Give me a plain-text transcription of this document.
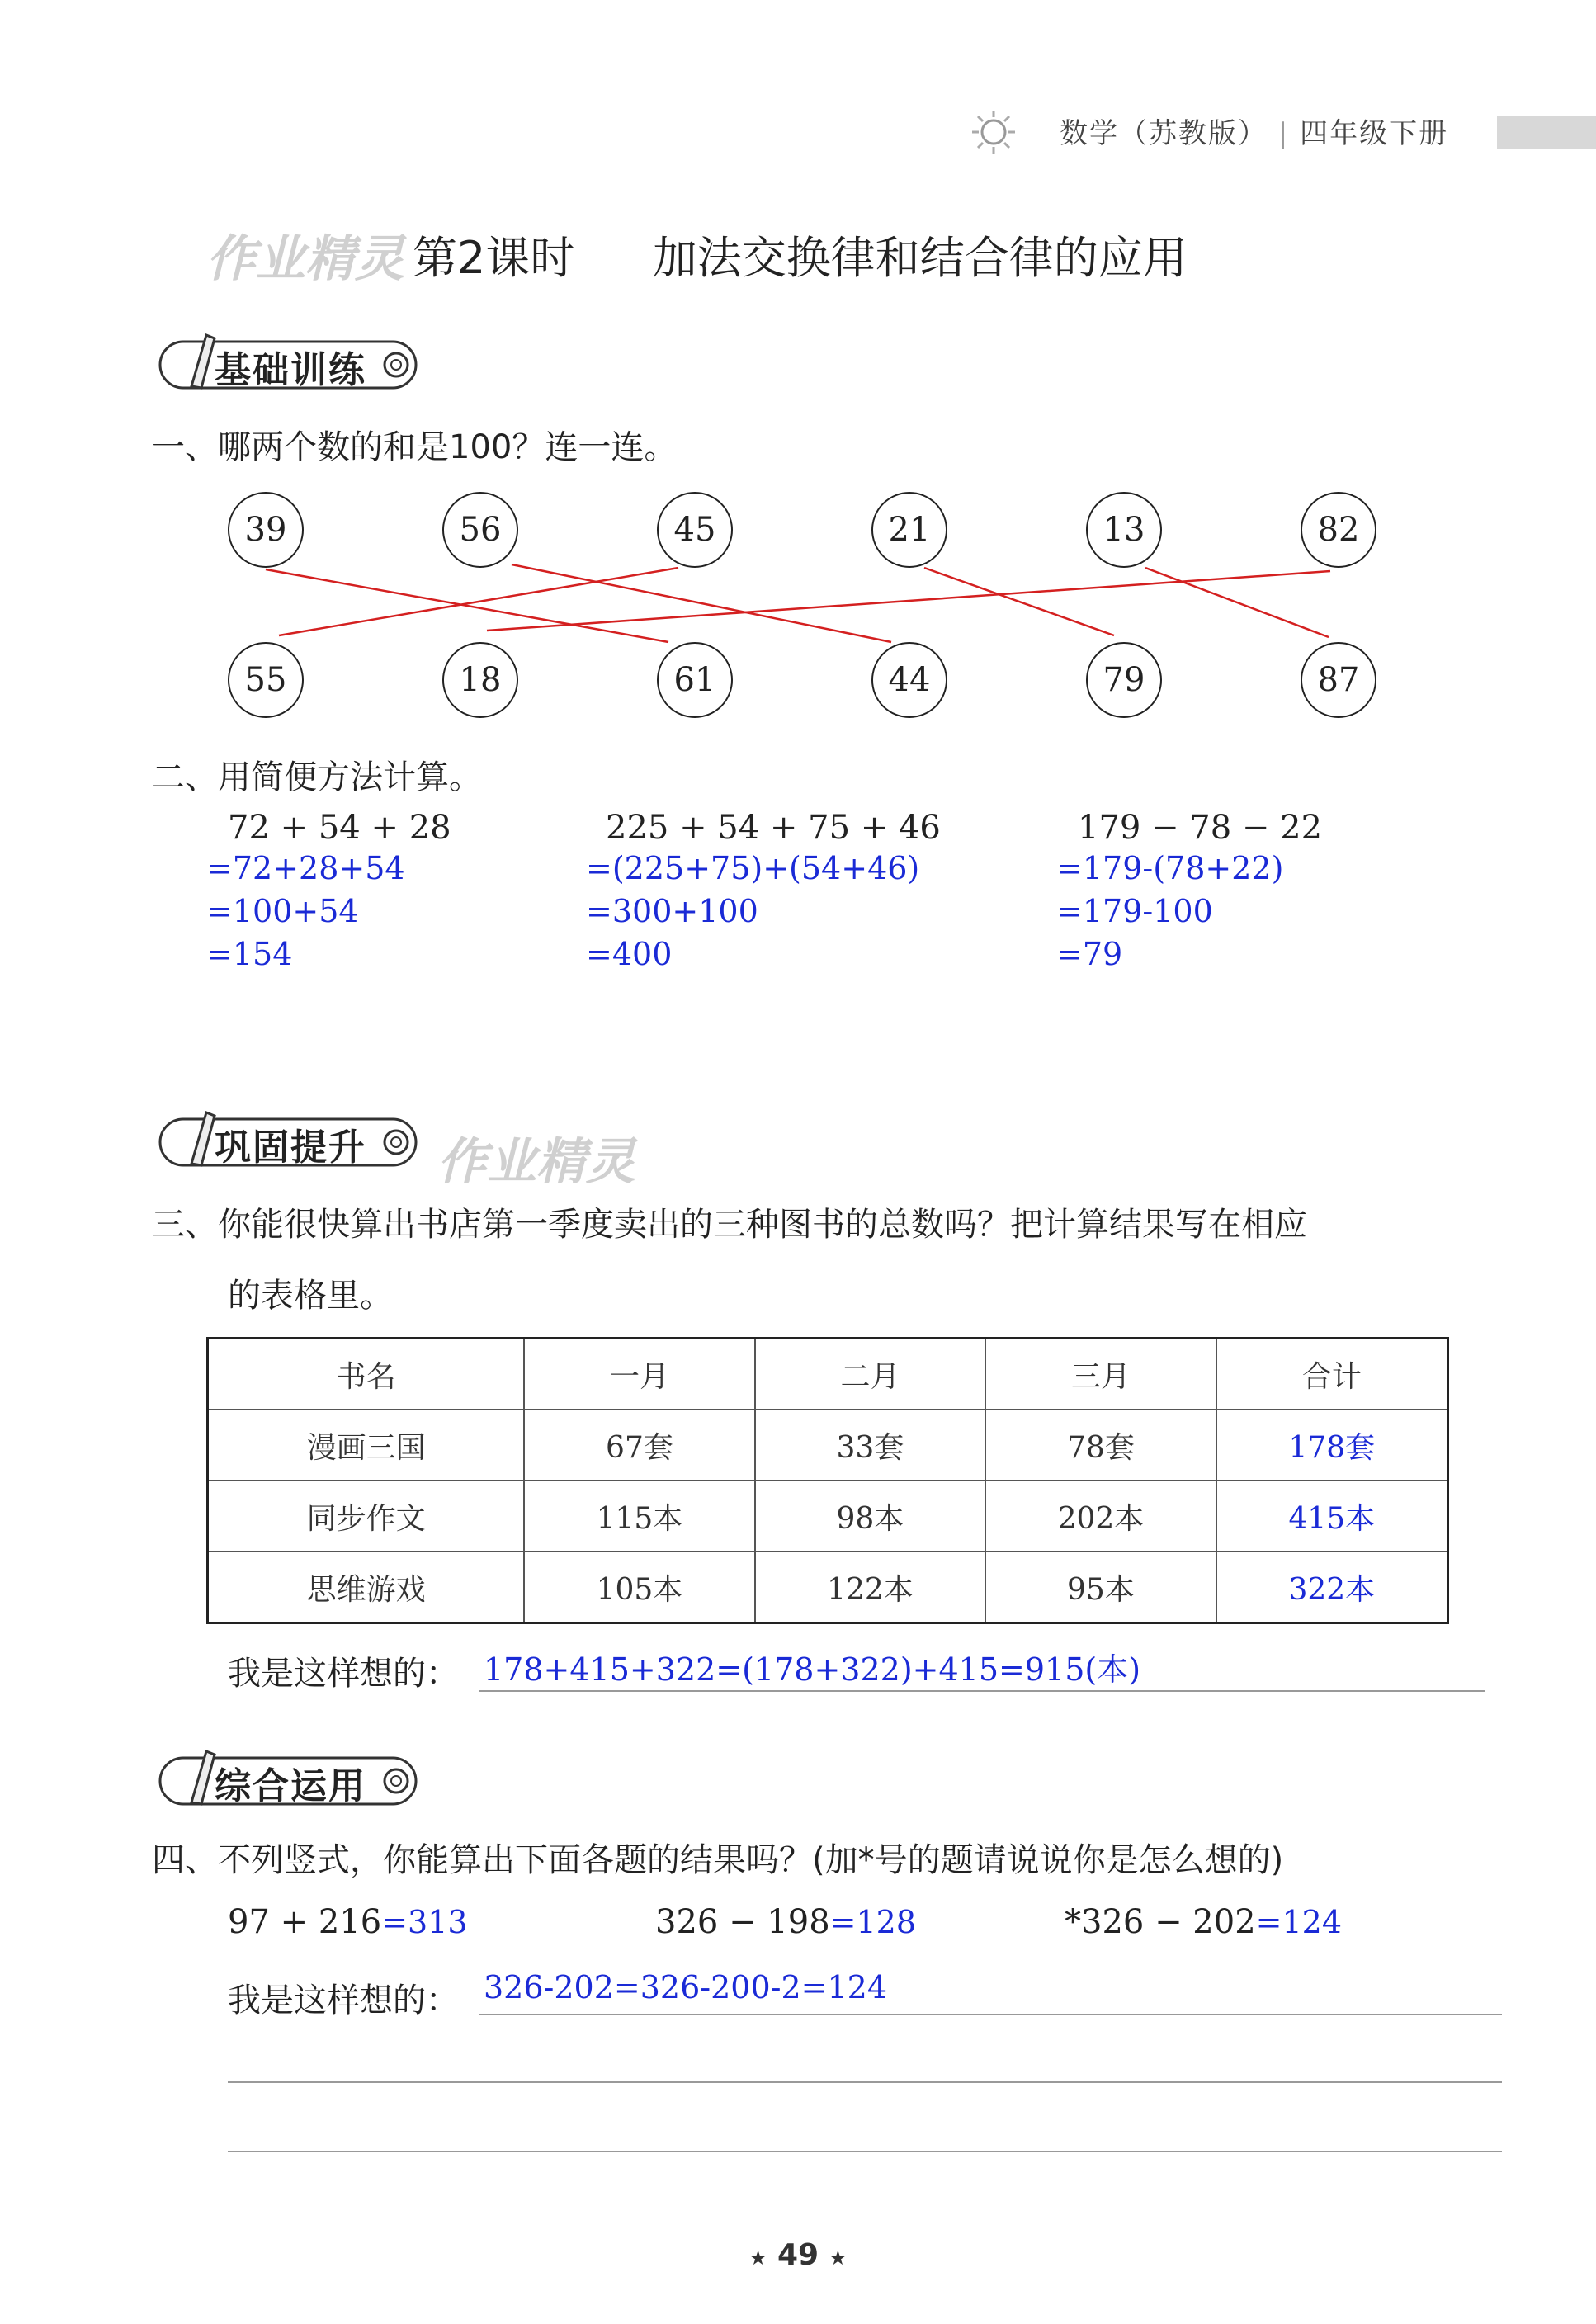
数学（苏教版） | 四年级下册
作业精灵 第2课时 加法交换律和结合律的应用
基础训练
一、哪两个数的和是100？连一连。
39	56	45	21	13	82
55	18	61	44	79	87
二、用简便方法计算。
72 + 54 + 28
=72+28+54
=100+54
=154
225 + 54 + 75 + 46
=(225+75)+(54+46)
=300+100
=400
179 − 78 − 22
=179-(78+22)
=179-100
=79
巩固提升 作业精灵
三、你能很快算出书店第一季度卖出的三种图书的总数吗？把计算结果写在相应
的表格里。
书名	一月	二月	三月	合计
漫画三国	67套	33套	78套	178套
同步作文	115本	98本	202本	415本
思维游戏	105本	122本	95本	322本
我是这样想的： 178+415+322=(178+322)+415=915(本)
综合运用
四、不列竖式，你能算出下面各题的结果吗？(加*号的题请说说你是怎么想的)
97 + 216=313	326 − 198=128	*326 − 202=124
我是这样想的： 326-202=326-200-2=124
★ 49 ★
